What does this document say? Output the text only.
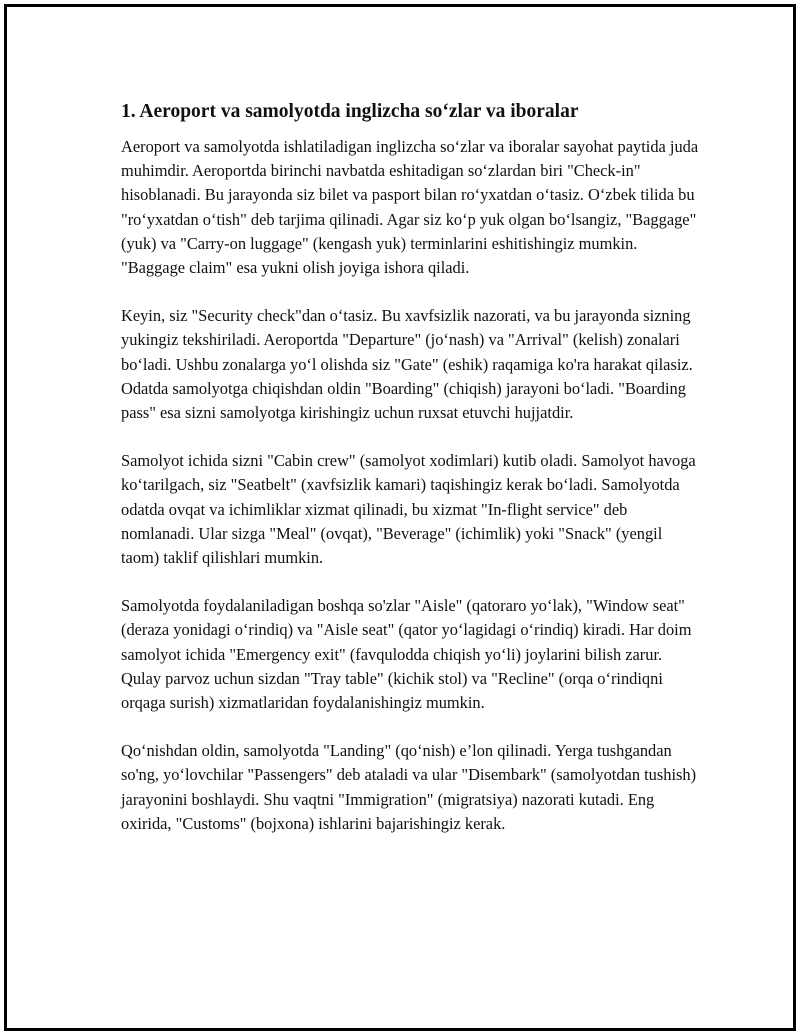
1. Aeroport va samolyotda inglizcha so‘zlar va iboralar

Aeroport va samolyotda ishlatiladigan inglizcha so‘zlar va iboralar sayohat paytida juda muhimdir. Aeroportda birinchi navbatda eshitadigan so‘zlardan biri "Check-in" hisoblanadi. Bu jarayonda siz bilet va pasport bilan ro‘yxatdan o‘tasiz. O‘zbek tilida bu "ro‘yxatdan o‘tish" deb tarjima qilinadi. Agar siz ko‘p yuk olgan bo‘lsangiz, "Baggage" (yuk) va "Carry-on luggage" (kengash yuk) terminlarini eshitishingiz mumkin. "Baggage claim" esa yukni olish joyiga ishora qiladi.

Keyin, siz "Security check"dan o‘tasiz. Bu xavfsizlik nazorati, va bu jarayonda sizning yukingiz tekshiriladi. Aeroportda "Departure" (jo‘nash) va "Arrival" (kelish) zonalari bo‘ladi. Ushbu zonalarga yo‘l olishda siz "Gate" (eshik) raqamiga ko'ra harakat qilasiz. Odatda samolyotga chiqishdan oldin "Boarding" (chiqish) jarayoni bo‘ladi. "Boarding pass" esa sizni samolyotga kirishingiz uchun ruxsat etuvchi hujjatdir.

Samolyot ichida sizni "Cabin crew" (samolyot xodimlari) kutib oladi. Samolyot havoga ko‘tarilgach, siz "Seatbelt" (xavfsizlik kamari) taqishingiz kerak bo‘ladi. Samolyotda odatda ovqat va ichimliklar xizmat qilinadi, bu xizmat "In-flight service" deb nomlanadi. Ular sizga "Meal" (ovqat), "Beverage" (ichimlik) yoki "Snack" (yengil taom) taklif qilishlari mumkin.

Samolyotda foydalaniladigan boshqa so'zlar "Aisle" (qatoraro yo‘lak), "Window seat" (deraza yonidagi o‘rindiq) va "Aisle seat" (qator yo‘lagidagi o‘rindiq) kiradi. Har doim samolyot ichida "Emergency exit" (favqulodda chiqish yo‘li) joylarini bilish zarur. Qulay parvoz uchun sizdan "Tray table" (kichik stol) va "Recline" (orqa o‘rindiqni orqaga surish) xizmatlaridan foydalanishingiz mumkin.

Qo‘nishdan oldin, samolyotda "Landing" (qo‘nish) e’lon qilinadi. Yerga tushgandan so'ng, yo‘lovchilar "Passengers" deb ataladi va ular "Disembark" (samolyotdan tushish) jarayonini boshlaydi. Shu vaqtni "Immigration" (migratsiya) nazorati kutadi. Eng oxirida, "Customs" (bojxona) ishlarini bajarishingiz kerak.
